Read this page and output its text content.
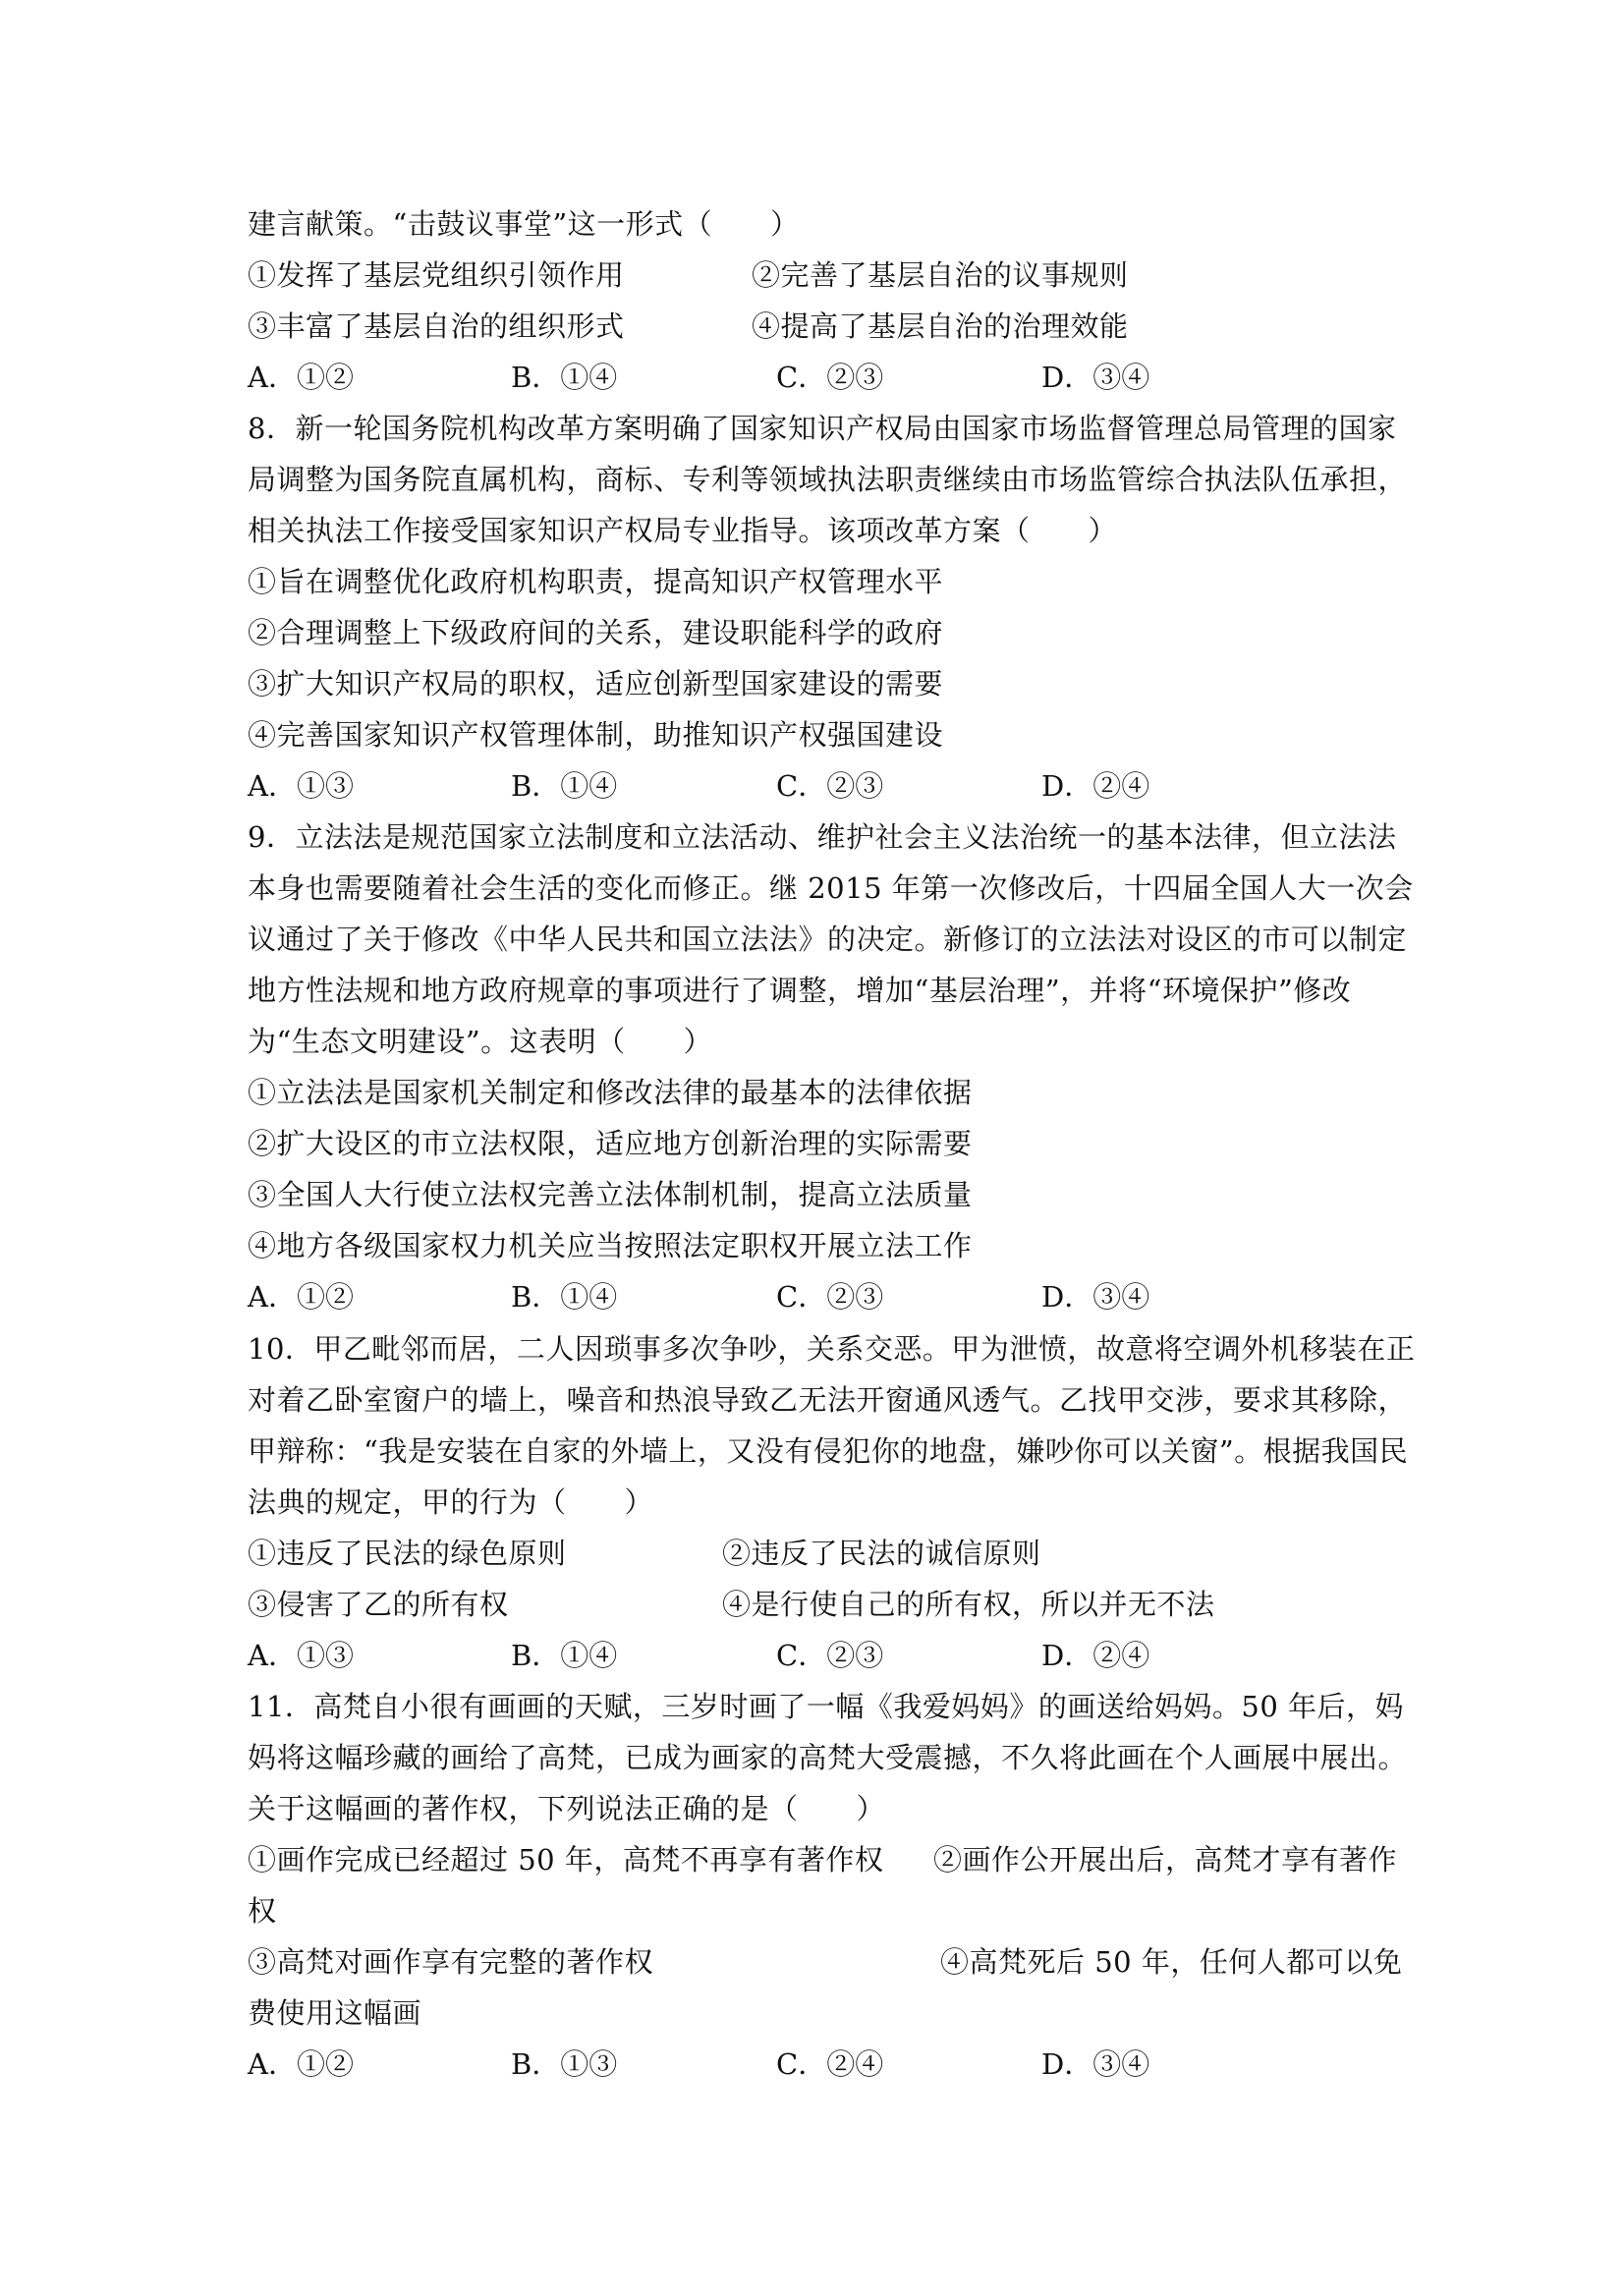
建言献策。“击鼓议事堂”这一形式（　　）
①发挥了基层党组织引领作用	②完善了基层自治的议事规则
③丰富了基层自治的组织形式	④提高了基层自治的治理效能
A．①②	B．①④	C．②③	D．③④
8．新一轮国务院机构改革方案明确了国家知识产权局由国家市场监督管理总局管理的国家
局调整为国务院直属机构，商标、专利等领域执法职责继续由市场监管综合执法队伍承担，
相关执法工作接受国家知识产权局专业指导。该项改革方案（　　）
①旨在调整优化政府机构职责，提高知识产权管理水平
②合理调整上下级政府间的关系，建设职能科学的政府
③扩大知识产权局的职权，适应创新型国家建设的需要
④完善国家知识产权管理体制，助推知识产权强国建设
A．①③	B．①④	C．②③	D．②④
9．立法法是规范国家立法制度和立法活动、维护社会主义法治统一的基本法律，但立法法
本身也需要随着社会生活的变化而修正。继 2015 年第一次修改后，十四届全国人大一次会
议通过了关于修改《中华人民共和国立法法》的决定。新修订的立法法对设区的市可以制定
地方性法规和地方政府规章的事项进行了调整，增加“基层治理”，并将“环境保护”修改
为“生态文明建设”。这表明（　　）
①立法法是国家机关制定和修改法律的最基本的法律依据
②扩大设区的市立法权限，适应地方创新治理的实际需要
③全国人大行使立法权完善立法体制机制，提高立法质量
④地方各级国家权力机关应当按照法定职权开展立法工作
A．①②	B．①④	C．②③	D．③④
10．甲乙毗邻而居，二人因琐事多次争吵，关系交恶。甲为泄愤，故意将空调外机移装在正
对着乙卧室窗户的墙上，噪音和热浪导致乙无法开窗通风透气。乙找甲交涉，要求其移除，
甲辩称：“我是安装在自家的外墙上，又没有侵犯你的地盘，嫌吵你可以关窗”。根据我国民
法典的规定，甲的行为（　　）
①违反了民法的绿色原则	②违反了民法的诚信原则
③侵害了乙的所有权	④是行使自己的所有权，所以并无不法
A．①③	B．①④	C．②③	D．②④
11．高梵自小很有画画的天赋，三岁时画了一幅《我爱妈妈》的画送给妈妈。50 年后，妈
妈将这幅珍藏的画给了高梵，已成为画家的高梵大受震撼，不久将此画在个人画展中展出。
关于这幅画的著作权，下列说法正确的是（　　）
①画作完成已经超过 50 年，高梵不再享有著作权 ②画作公开展出后，高梵才享有著作
权
③高梵对画作享有完整的著作权	④高梵死后 50 年，任何人都可以免
费使用这幅画
A．①②	B．①③	C．②④	D．③④
